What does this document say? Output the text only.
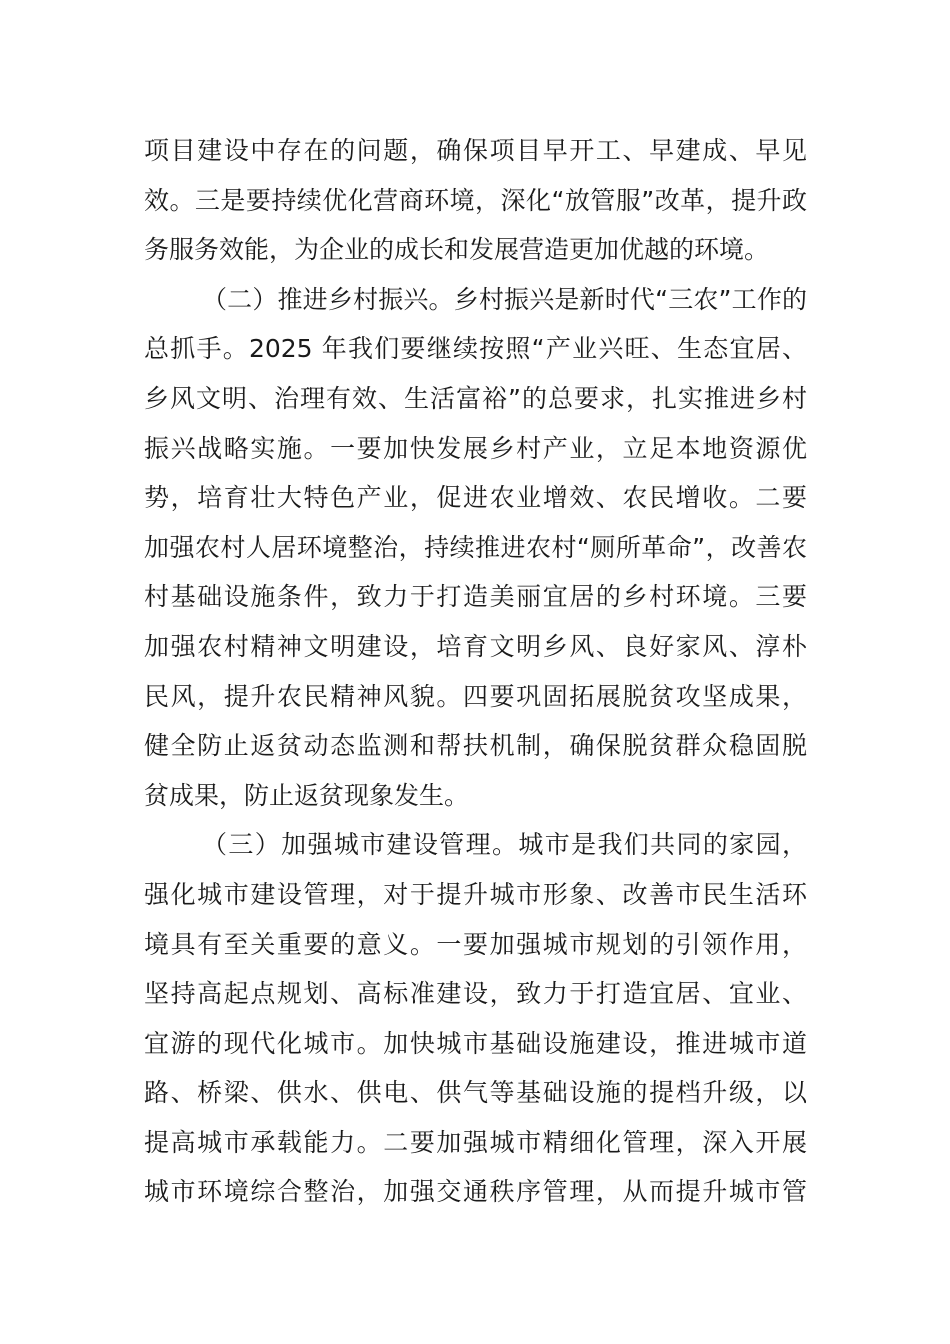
项目建设中存在的问题，确保项目早开工、早建成、早见
效。三是要持续优化营商环境，深化“放管服”改革，提升政
务服务效能，为企业的成长和发展营造更加优越的环境。
（二）推进乡村振兴。乡村振兴是新时代“三农”工作的
总抓手。2025 年我们要继续按照“产业兴旺、生态宜居、
乡风文明、治理有效、生活富裕”的总要求，扎实推进乡村
振兴战略实施。一要加快发展乡村产业，立足本地资源优
势，培育壮大特色产业，促进农业增效、农民增收。二要
加强农村人居环境整治，持续推进农村“厕所革命”，改善农
村基础设施条件，致力于打造美丽宜居的乡村环境。三要
加强农村精神文明建设，培育文明乡风、良好家风、淳朴
民风，提升农民精神风貌。四要巩固拓展脱贫攻坚成果，
健全防止返贫动态监测和帮扶机制，确保脱贫群众稳固脱
贫成果，防止返贫现象发生。
（三）加强城市建设管理。城市是我们共同的家园，
强化城市建设管理，对于提升城市形象、改善市民生活环
境具有至关重要的意义。一要加强城市规划的引领作用，
坚持高起点规划、高标准建设，致力于打造宜居、宜业、
宜游的现代化城市。加快城市基础设施建设，推进城市道
路、桥梁、供水、供电、供气等基础设施的提档升级，以
提高城市承载能力。二要加强城市精细化管理，深入开展
城市环境综合整治，加强交通秩序管理，从而提升城市管
